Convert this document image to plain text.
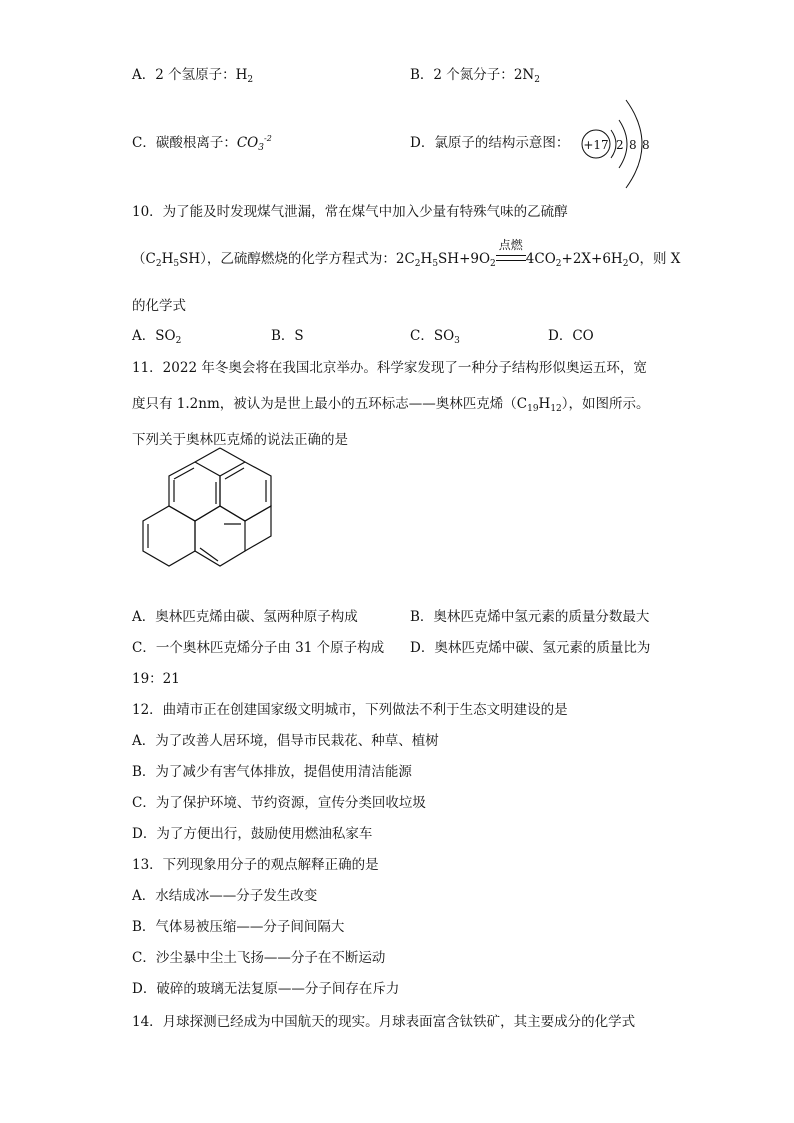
A．2 个氢原子：$H_2$	B．2 个氮分子：$2N_2$
C．碳酸根离子：$CO_3^{-2}$	D．氯原子的结构示意图： +17 2 8 8
10．为了能及时发现煤气泄漏，常在煤气中加入少量有特殊气味的乙硫醇
$(C_2H_5SH)$，乙硫醇燃烧的化学方程式为：$2C_2H_5SH+9O_2$
点燃
$4CO_2+2X+6H_2O$，则 X
的化学式
A．$SO_2$	B．S	C．$SO_3$	D．CO
11．2022 年冬奥会将在我国北京举办。科学家发现了一种分子结构形似奥运五环，宽
度只有 1.2nm，被认为是世上最小的五环标志——奥林匹克烯$(C_{19}H_{12})$，如图所示。
下列关于奥林匹克烯的说法正确的是
A．奥林匹克烯由碳、氢两种原子构成	B．奥林匹克烯中氢元素的质量分数最大
C．一个奥林匹克烯分子由 31 个原子构成 D．奥林匹克烯中碳、氢元素的质量比为
19：21
12．曲靖市正在创建国家级文明城市，下列做法不利于生态文明建设的是
A．为了改善人居环境，倡导市民栽花、种草、植树
B．为了减少有害气体排放，提倡使用清洁能源
C．为了保护环境、节约资源，宣传分类回收垃圾
D．为了方便出行，鼓励使用燃油私家车
13．下列现象用分子的观点解释正确的是
A．水结成冰——分子发生改变
B．气体易被压缩——分子间间隔大
C．沙尘暴中尘土飞扬——分子在不断运动
D．破碎的玻璃无法复原——分子间存在斥力
14．月球探测已经成为中国航天的现实。月球表面富含钛铁矿，其主要成分的化学式
